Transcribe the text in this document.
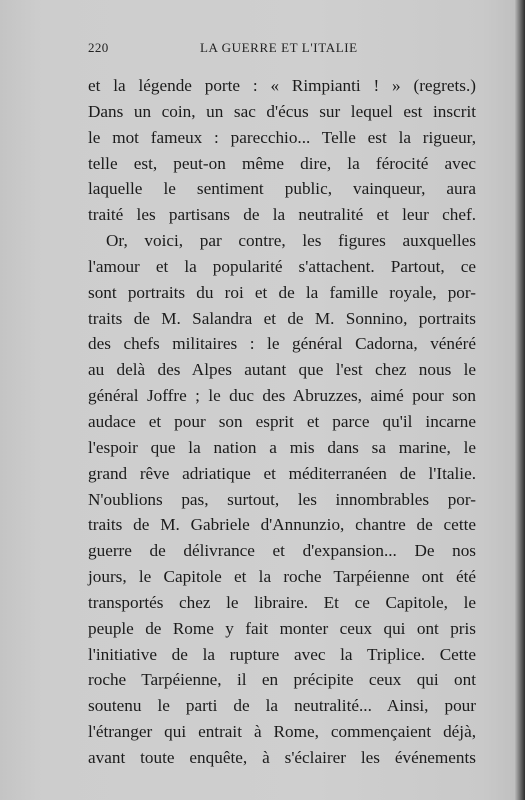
220	LA GUERRE ET L'ITALIE
et la légende porte : « Rimpianti ! » (regrets.)
Dans un coin, un sac d'écus sur lequel est inscrit
le mot fameux : parecchio... Telle est la rigueur,
telle est, peut-on même dire, la férocité avec
laquelle le sentiment public, vainqueur, aura
traité les partisans de la neutralité et leur chef.
Or, voici, par contre, les figures auxquelles
l'amour et la popularité s'attachent. Partout, ce
sont portraits du roi et de la famille royale, por-
traits de M. Salandra et de M. Sonnino, portraits
des chefs militaires : le général Cadorna, vénéré
au delà des Alpes autant que l'est chez nous le
général Joffre ; le duc des Abruzzes, aimé pour son
audace et pour son esprit et parce qu'il incarne
l'espoir que la nation a mis dans sa marine, le
grand rêve adriatique et méditerranéen de l'Italie.
N'oublions pas, surtout, les innombrables por-
traits de M. Gabriele d'Annunzio, chantre de cette
guerre de délivrance et d'expansion... De nos
jours, le Capitole et la roche Tarpéienne ont été
transportés chez le libraire. Et ce Capitole, le
peuple de Rome y fait monter ceux qui ont pris
l'initiative de la rupture avec la Triplice. Cette
roche Tarpéienne, il en précipite ceux qui ont
soutenu le parti de la neutralité... Ainsi, pour
l'étranger qui entrait à Rome, commençaient déjà,
avant toute enquête, à s'éclairer les événements
